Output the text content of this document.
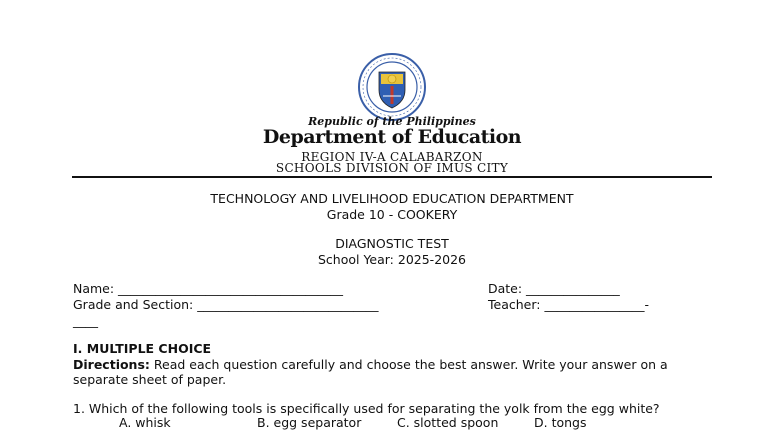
Republic of the Philippines
Department of Education
REGION IV-A CALABARZON
SCHOOLS DIVISION OF IMUS CITY
TECHNOLOGY AND LIVELIHOOD EDUCATION DEPARTMENT
Grade 10 - COOKERY
DIAGNOSTIC TEST
School Year: 2025-2026
Name: ____________________________________	Date: _______________
Grade and Section: _____________________________	Teacher: ________________-
____
I. MULTIPLE CHOICE
Directions: Read each question carefully and choose the best answer. Write your answer on a
separate sheet of paper.
1. Which of the following tools is specifically used for separating the yolk from the egg white?
A. whisk	B. egg separator	C. slotted spoon	D. tongs
